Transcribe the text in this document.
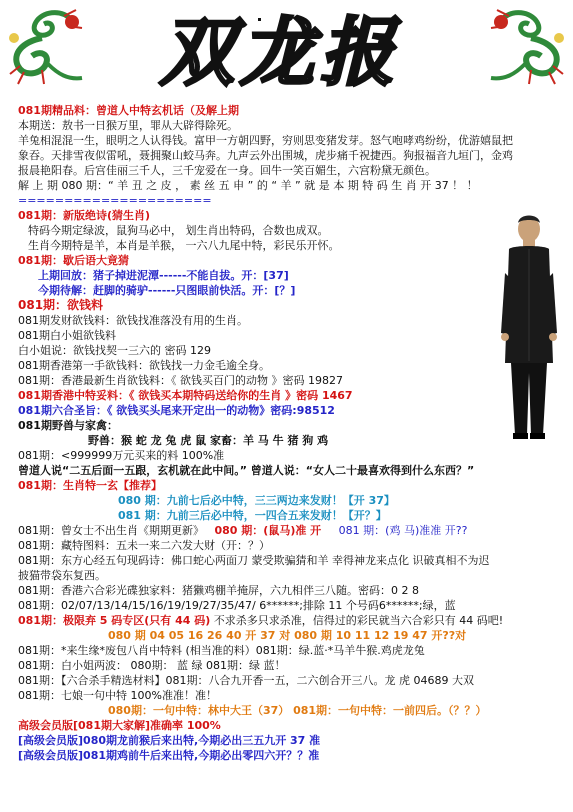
双龙报
081期精品料：曾道人中特玄机话（及解上期
本期送：敖书一日猴万里，罪从大辟得除死。
羊兔相混混一生，眼明之人认得钱。富甲一方朝四野，穷则思变猪发芽。怒气咆哮鸡纷纷，优游嬉鼠把
象吞。天排雪夜似雷吼，聂拥聚山蛟马奔。九声云外出围城，虎步痛千祝捷西。狗报福音九垣门，金鸡
报晨艳阳春。后宫佳丽三千人，三千宠爱在一身。回牛一笑百媚生，六宫粉黛无颜色。
解 上 期 080 期：“ 羊 丑 之 皮 ， 素 丝 五 申 ” 的 “ 羊 ” 就 是 本 期 特 码 生 肖 开 37 ！ ！
=====================
081期：新版绝诗(猜生肖)
特码今期定绿波，鼠狗马必中， 划生肖出特码，合数也成双。
生肖今期特是羊，本肖是羊猴， 一六八九尾中特，彩民乐开怀。
081期：歇后语大竟猜
上期回放：猪子掉进泥潭------不能自拔。开：[37]
今期待解：赶脚的骑驴------只图眼前快活。开：[？]
081期：欲钱料
081期发财欲钱料：欲钱找准落没有用的生肖。
081期白小姐欲钱料
白小姐说：欲钱找契一三六的 密码 129
081期香港第一手欲钱料：欲钱找一力金毛逾全身。
081期：香港最新生肖欲钱料：《 欲钱买百门的动物 》密码 19827
081期香港中特妥料：《 欲钱买本期特码送给你的生肖 》密码 1467
081期六合圣旨：《 欲钱买头尾来开定出一的动物》密码:98512
081期野兽与家禽：
野兽：猴 蛇 龙 兔 虎 鼠 家畜：羊 马 牛 猪 狗 鸡
081期：<999999万元买来的料 100%准
曾道人说“二五后面一五跟，玄机就在此中间。” 曾道人说：“女人二十最喜欢得到什么东西？”
081期：生肖特一玄【推荐】
080 期：九前七后必中特，三三两边来发财！【开 37】
081 期：九前三后必中特，一四合五来发财！【开？】
081期：曾女士不出生肖《期期更新》 080 期：(鼠马)准 开 081 期：(鸡 马)准准 开??
081期：藏特图料：五未一来二六发大财（开：？）
081期：东方心经五句现码诗：佛口蛇心两面刀 蒙受欺骗猜和羊 幸得神龙来点化 识破真相不为迟
披猫带袋东复西。
081期：香港六合彩光碟独家料：猪獭鸡棚羊掩屏，六九相伴三八随。密码：0 2 8
081期：02/07/13/14/15/16/19/19/27/35/47/ 6******;排除 11 个号码6******;绿，蓝
081期：极限弃 5 码专区(只有 44 码) 不求杀多只求杀准，信得过的彩民就当六合彩只有 44 码吧!
080 期 04 05 16 26 40 开 37 对 080 期 10 11 12 19 47 开??对
081期：*来生缘*废包八肖中特料 (相当准的料）081期：绿.蓝·*马羊牛猴.鸡虎龙兔
081期：白小姐两波： 080期： 蓝 绿 081期：绿 蓝！
081期：【六合杀手精选材料】081期：八合九开香一五，二六创合开三八。龙 虎 04689 大双
081期：七娘一句中特 100%准准！准！
080期：一句中特：林中大王（37） 081期：一句中特：一前四后。（？？）
高级会员版[081期大家解]准确率 100%
[高级会员版]080期龙前猴后来出特,今期必出三五九开 37 准
[高级会员版]081期鸡前牛后来出特,今期必出零四六开？？准
